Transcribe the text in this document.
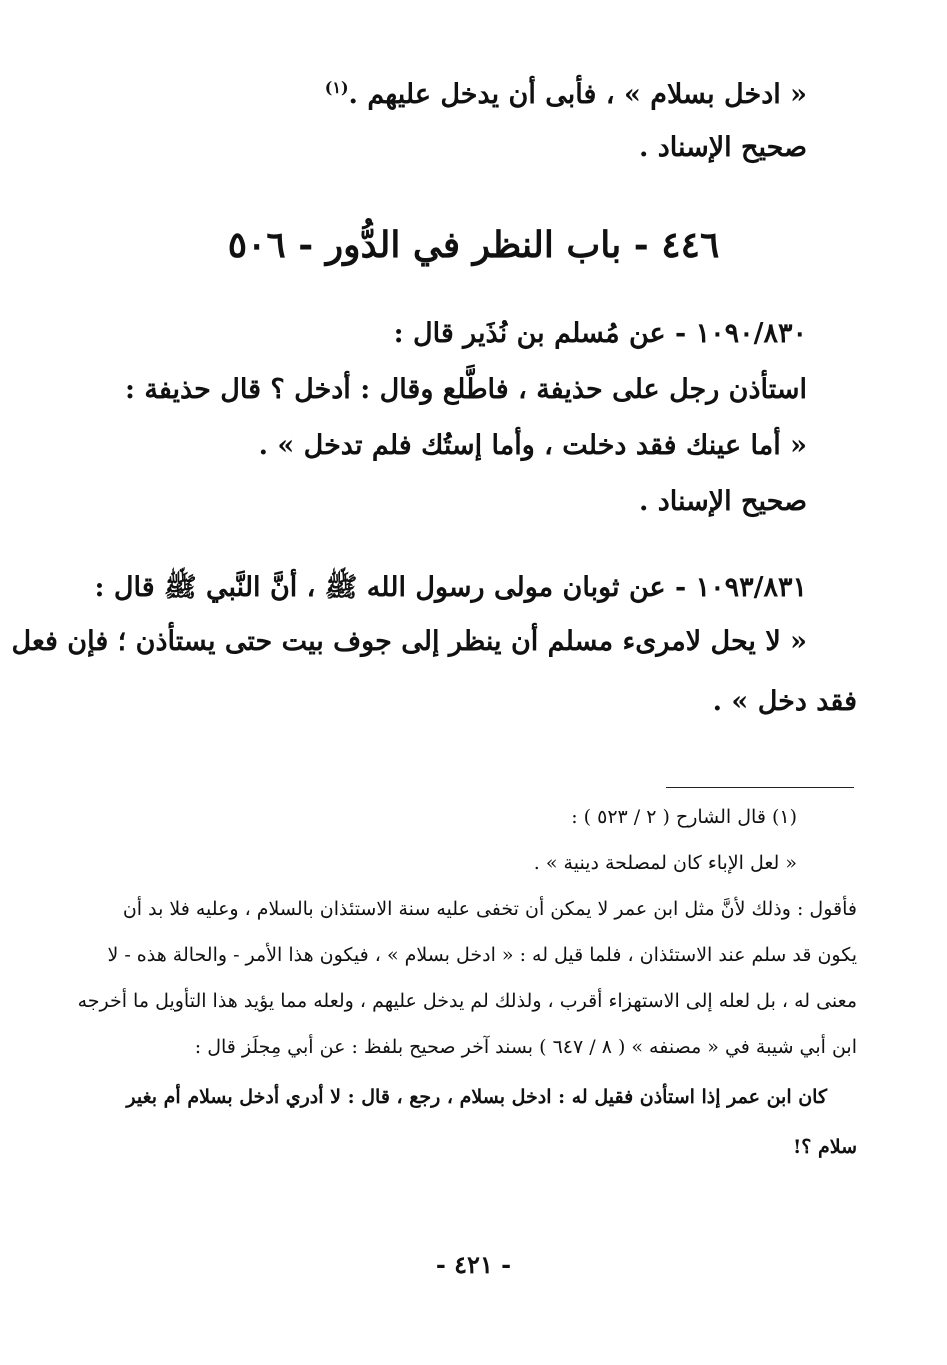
« ادخل بسلام » ، فأبى أن يدخل عليهم .$^{(١)}$
صحيح الإسناد .
٤٤٦ - باب النظر في الدُّور - ٥٠٦
١٠٩٠/٨٣٠ - عن مُسلم بن نُذَير قال :
استأذن رجل على حذيفة ، فاطَّلع وقال : أدخل ؟ قال حذيفة :
« أما عينك فقد دخلت ، وأما إستُك فلم تدخل » .
صحيح الإسناد .
١٠٩٣/٨٣١ - عن ثوبان مولى رسول الله ﷺ ، أنَّ النَّبي ﷺ قال :
« لا يحل لامرىء مسلم أن ينظر إلى جوف بيت حتى يستأذن ؛ فإن فعل
فقد دخل » .
(١) قال الشارح ( ٢ / ٥٢٣ ) :
« لعل الإباء كان لمصلحة دينية » .
فأقول : وذلك لأنَّ مثل ابن عمر لا يمكن أن تخفى عليه سنة الاستئذان بالسلام ، وعليه فلا بد أن
يكون قد سلم عند الاستئذان ، فلما قيل له : « ادخل بسلام » ، فيكون هذا الأمر - والحالة هذه - لا
معنى له ، بل لعله إلى الاستهزاء أقرب ، ولذلك لم يدخل عليهم ، ولعله مما يؤيد هذا التأويل ما أخرجه
ابن أبي شيبة في « مصنفه » ( ٨ / ٦٤٧ ) بسند آخر صحيح بلفظ : عن أبي مِجلَز قال :
كان ابن عمر إذا استأذن فقيل له : ادخل بسلام ، رجع ، قال : لا أدري أدخل بسلام أم بغير
سلام ؟!
- ٤٢١ -
